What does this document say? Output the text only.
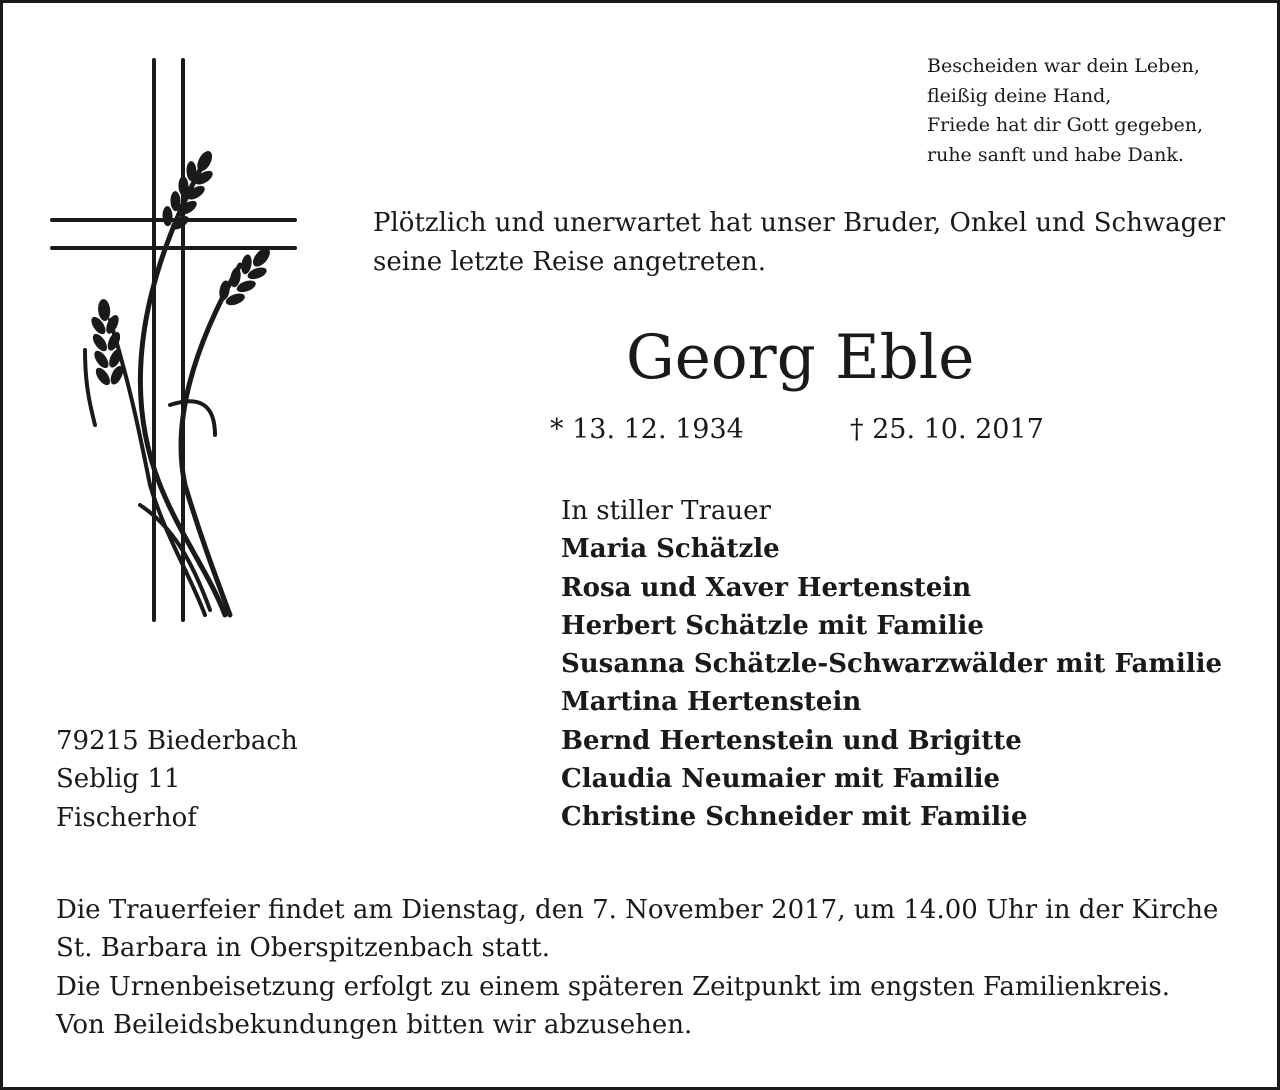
Bescheiden war dein Leben,
fleißig deine Hand,
Friede hat dir Gott gegeben,
ruhe sanft und habe Dank.
Plötzlich und unerwartet hat unser Bruder, Onkel und Schwager
seine letzte Reise angetreten.
Georg Eble
* 13. 12. 1934	† 25. 10. 2017
In stiller Trauer
Maria Schätzle
Rosa und Xaver Hertenstein
Herbert Schätzle mit Familie
Susanna Schätzle-Schwarzwälder mit Familie
Martina Hertenstein
Bernd Hertenstein und Brigitte
Claudia Neumaier mit Familie
Christine Schneider mit Familie
79215 Biederbach
Seblig 11
Fischerhof
Die Trauerfeier findet am Dienstag, den 7. November 2017, um 14.00 Uhr in der Kirche
St. Barbara in Oberspitzenbach statt.
Die Urnenbeisetzung erfolgt zu einem späteren Zeitpunkt im engsten Familienkreis.
Von Beileidsbekundungen bitten wir abzusehen.
